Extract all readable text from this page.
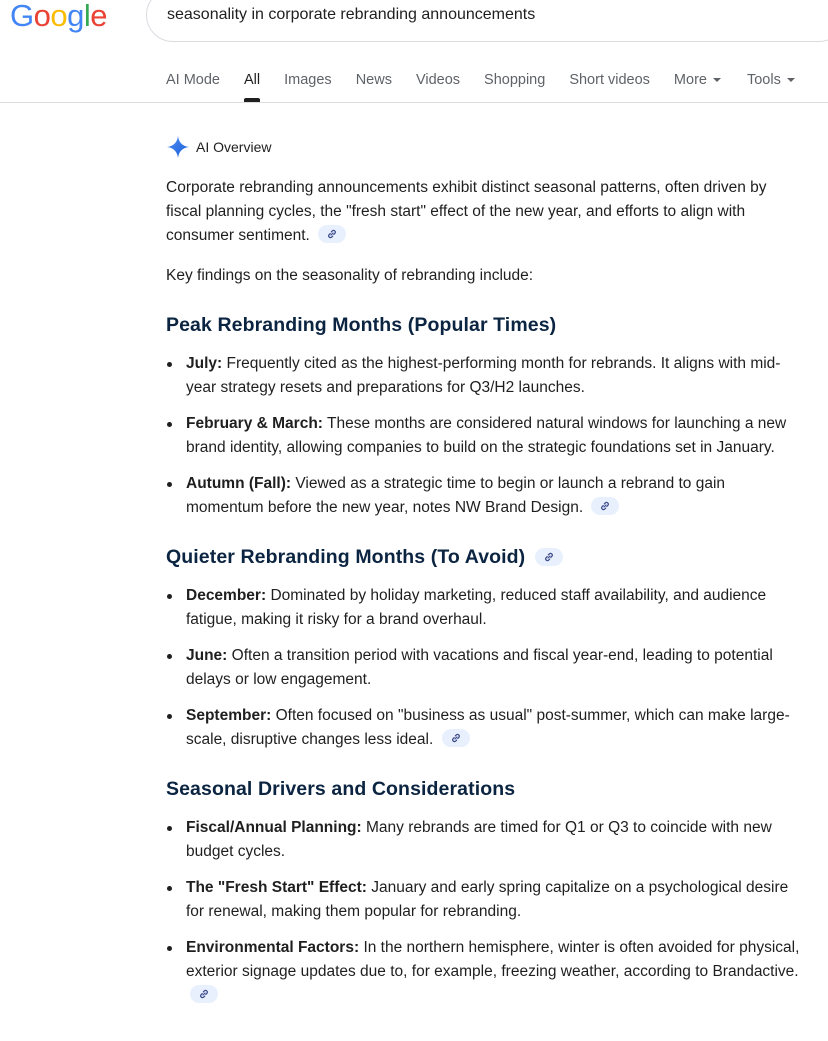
Google
seasonality in corporate rebranding announcements
AI Mode All Images News Videos Shopping Short videos More	Tools
AI Overview

Corporate rebranding announcements exhibit distinct seasonal patterns, often driven by fiscal planning cycles, the "fresh start" effect of the new year, and efforts to align with consumer sentiment.

Key findings on the seasonality of rebranding include:

Peak Rebranding Months (Popular Times)
July: Frequently cited as the highest-performing month for rebrands. It aligns with mid-year strategy resets and preparations for Q3/H2 launches.
February & March: These months are considered natural windows for launching a new brand identity, allowing companies to build on the strategic foundations set in January.
Autumn (Fall): Viewed as a strategic time to begin or launch a rebrand to gain momentum before the new year, notes NW Brand Design.
Quieter Rebranding Months (To Avoid)
December: Dominated by holiday marketing, reduced staff availability, and audience fatigue, making it risky for a brand overhaul.
June: Often a transition period with vacations and fiscal year-end, leading to potential delays or low engagement.
September: Often focused on "business as usual" post-summer, which can make large-scale, disruptive changes less ideal.
Seasonal Drivers and Considerations
Fiscal/Annual Planning: Many rebrands are timed for Q1 or Q3 to coincide with new budget cycles.
The "Fresh Start" Effect: January and early spring capitalize on a psychological desire for renewal, making them popular for rebranding.
Environmental Factors: In the northern hemisphere, winter is often avoided for physical, exterior signage updates due to, for example, freezing weather, according to Brandactive.
